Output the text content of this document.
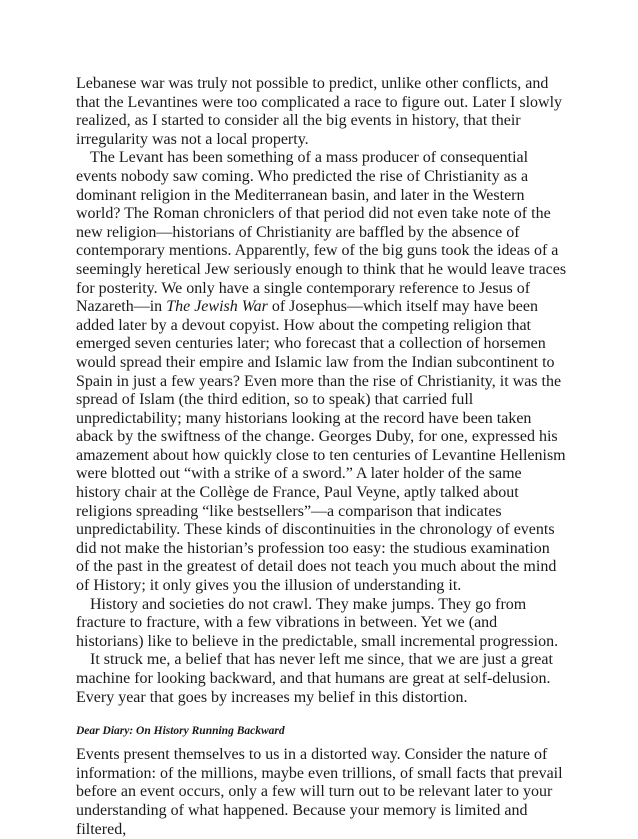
Lebanese war was truly not possible to predict, unlike other conflicts, and that the Levantines were too complicated a race to figure out. Later I slowly realized, as I started to consider all the big events in history, that their irregularity was not a local property.

The Levant has been something of a mass producer of consequential events nobody saw coming. Who predicted the rise of Christianity as a dominant religion in the Mediterranean basin, and later in the Western world? The Roman chroniclers of that period did not even take note of the new religion—historians of Christianity are baffled by the absence of contemporary mentions. Apparently, few of the big guns took the ideas of a seemingly heretical Jew seriously enough to think that he would leave traces for posterity. We only have a single contemporary reference to Jesus of Nazareth—in The Jewish War of Josephus—which itself may have been added later by a devout copyist. How about the competing religion that emerged seven centuries later; who forecast that a collection of horsemen would spread their empire and Islamic law from the Indian subcontinent to Spain in just a few years? Even more than the rise of Christianity, it was the spread of Islam (the third edition, so to speak) that carried full unpredictability; many historians looking at the record have been taken aback by the swiftness of the change. Georges Duby, for one, expressed his amazement about how quickly close to ten centuries of Levantine Hellenism were blotted out “with a strike of a sword.” A later holder of the same history chair at the Collège de France, Paul Veyne, aptly talked about religions spreading “like bestsellers”—a comparison that indicates unpredictability. These kinds of discontinuities in the chronology of events did not make the historian’s profession too easy: the studious examination of the past in the greatest of detail does not teach you much about the mind of History; it only gives you the illusion of understanding it.

History and societies do not crawl. They make jumps. They go from fracture to fracture, with a few vibrations in between. Yet we (and historians) like to believe in the predictable, small incremental progression.

It struck me, a belief that has never left me since, that we are just a great machine for looking backward, and that humans are great at self-delusion. Every year that goes by increases my belief in this distortion.

Dear Diary: On History Running Backward

Events present themselves to us in a distorted way. Consider the nature of information: of the millions, maybe even trillions, of small facts that prevail before an event occurs, only a few will turn out to be relevant later to your understanding of what happened. Because your memory is limited and filtered,
